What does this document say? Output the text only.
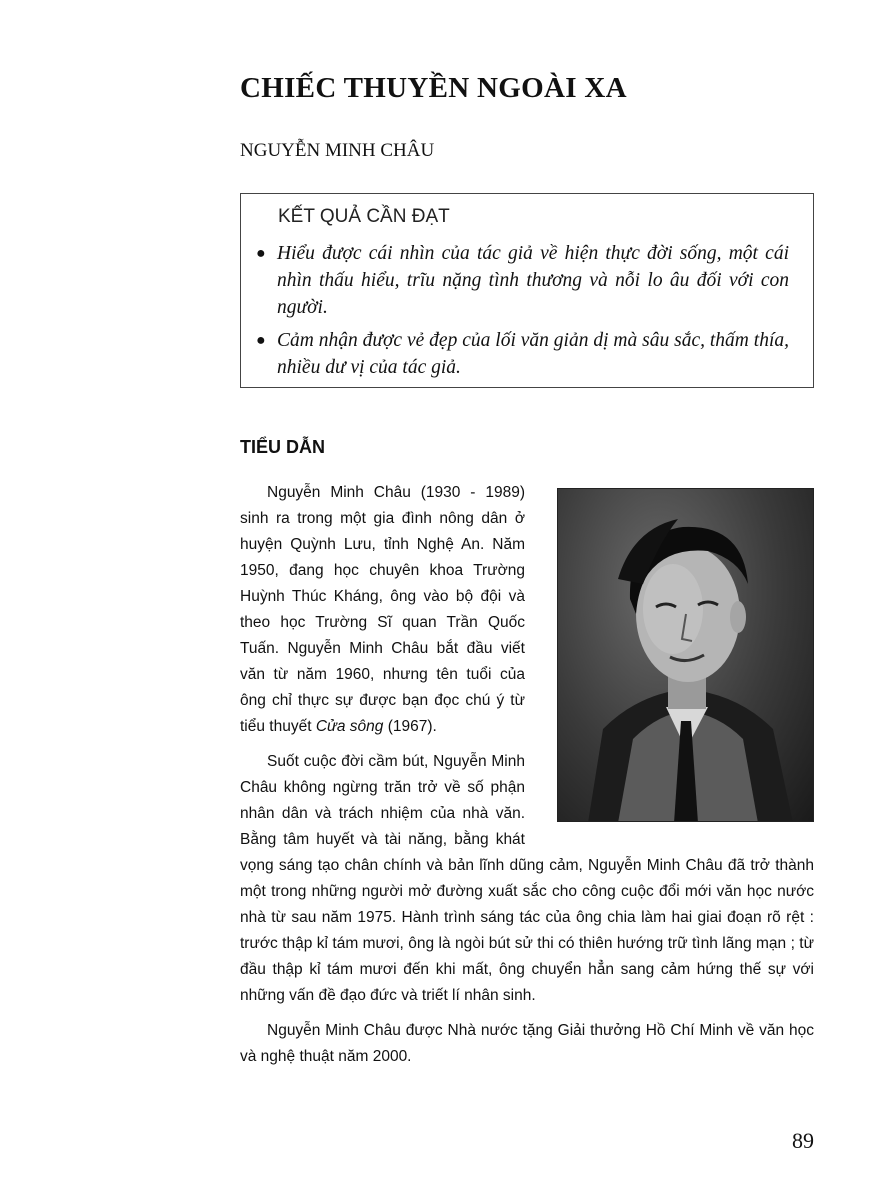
CHIẾC THUYỀN NGOÀI XA

NGUYỄN MINH CHÂU

KẾT QUẢ CẦN ĐẠT

● Hiểu được cái nhìn của tác giả về hiện thực đời sống, một cái nhìn thấu hiểu, trĩu nặng tình thương và nỗi lo âu đối với con người.
● Cảm nhận được vẻ đẹp của lối văn giản dị mà sâu sắc, thấm thía, nhiều dư vị của tác giả.
TIỂU DẪN

Nguyễn Minh Châu (1930 - 1989) sinh ra trong một gia đình nông dân ở huyện Quỳnh Lưu, tỉnh Nghệ An. Năm 1950, đang học chuyên khoa Trường Huỳnh Thúc Kháng, ông vào bộ đội và theo học Trường Sĩ quan Trần Quốc Tuấn. Nguyễn Minh Châu bắt đầu viết văn từ năm 1960, nhưng tên tuổi của ông chỉ thực sự được bạn đọc chú ý từ tiểu thuyết Cửa sông (1967).

Suốt cuộc đời cầm bút, Nguyễn Minh Châu không ngừng trăn trở về số phận nhân dân và trách nhiệm của nhà văn. Bằng tâm huyết và tài năng, bằng khát vọng sáng tạo chân chính và bản lĩnh dũng cảm, Nguyễn Minh Châu đã trở thành một trong những người mở đường xuất sắc cho công cuộc đổi mới văn học nước nhà từ sau năm 1975. Hành trình sáng tác của ông chia làm hai giai đoạn rõ rệt : trước thập kỉ tám mươi, ông là ngòi bút sử thi có thiên hướng trữ tình lãng mạn ; từ đầu thập kỉ tám mươi đến khi mất, ông chuyển hẳn sang cảm hứng thế sự với những vấn đề đạo đức và triết lí nhân sinh.

Nguyễn Minh Châu được Nhà nước tặng Giải thưởng Hồ Chí Minh về văn học và nghệ thuật năm 2000.

89
